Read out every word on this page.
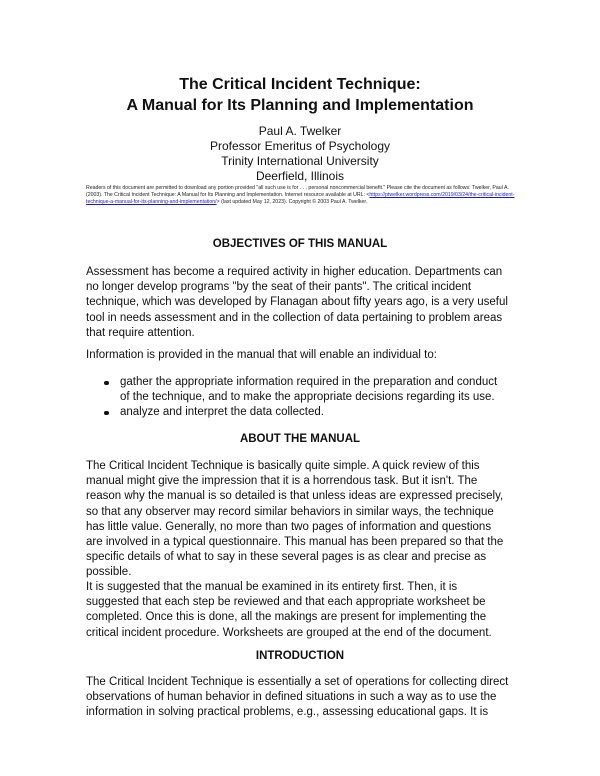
The Critical Incident Technique:
A Manual for Its Planning and Implementation
Paul A. Twelker
Professor Emeritus of Psychology
Trinity International University
Deerfield, Illinois
Readers of this document are permitted to download any portion provided "all such use is for . . . personal noncommercial benefit." Please cite the document as follows: Twelker, Paul A. (2003). The Critical Incident Technique: A Manual for Its Planning and Implementation. Internet resource available at URL: <https://ptwelker.wordpress.com/2019/03/24/the-critical-incident-technique-a-manual-for-its-planning-and-implementation/> (last updated May 12, 2023). Copyright © 2003 Paul A. Twelker.
OBJECTIVES OF THIS MANUAL
Assessment has become a required activity in higher education. Departments can
no longer develop programs "by the seat of their pants". The critical incident
technique, which was developed by Flanagan about fifty years ago, is a very useful
tool in needs assessment and in the collection of data pertaining to problem areas
that require attention.
Information is provided in the manual that will enable an individual to:
gather the appropriate information required in the preparation and conduct
of the technique, and to make the appropriate decisions regarding its use.
analyze and interpret the data collected.
ABOUT THE MANUAL
The Critical Incident Technique is basically quite simple. A quick review of this
manual might give the impression that it is a horrendous task. But it isn't. The
reason why the manual is so detailed is that unless ideas are expressed precisely,
so that any observer may record similar behaviors in similar ways, the technique
has little value. Generally, no more than two pages of information and questions
are involved in a typical questionnaire. This manual has been prepared so that the
specific details of what to say in these several pages is as clear and precise as
possible.
It is suggested that the manual be examined in its entirety first. Then, it is
suggested that each step be reviewed and that each appropriate worksheet be
completed. Once this is done, all the makings are present for implementing the
critical incident procedure. Worksheets are grouped at the end of the document.
INTRODUCTION
The Critical Incident Technique is essentially a set of operations for collecting direct
observations of human behavior in defined situations in such a way as to use the
information in solving practical problems, e.g., assessing educational gaps. It is
